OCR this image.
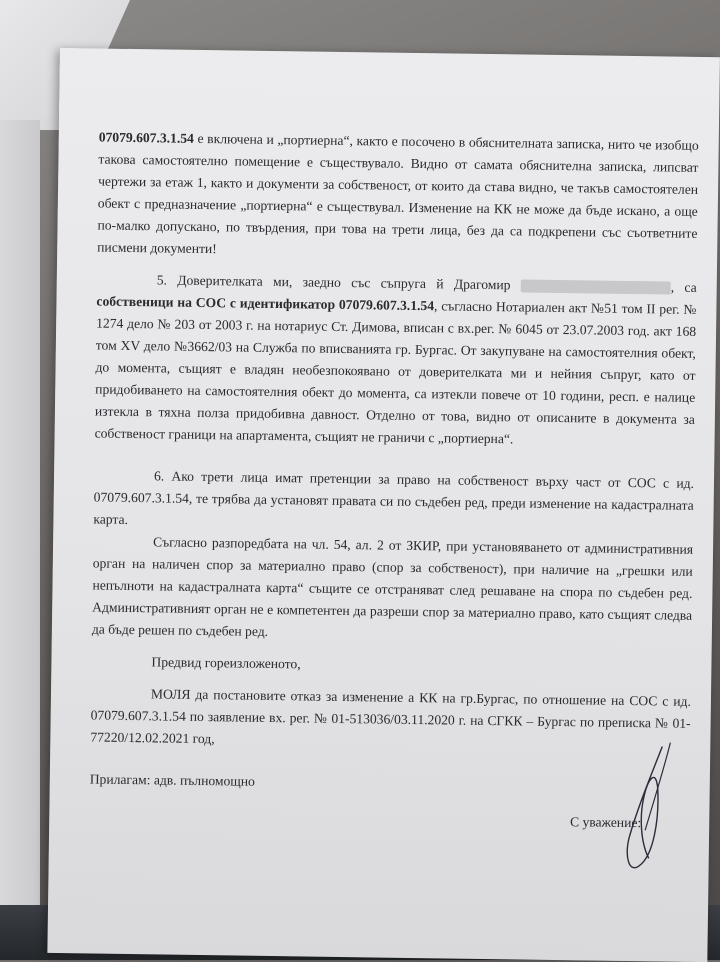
07079.607.3.1.54 е включена и „портиерна“, както е посочено в обяснителната записка, нито че изобщо такова самостоятелно помещение е съществувало. Видно от самата обяснителна записка, липсват чертежи за етаж 1, както и документи за собственост, от които да става видно, че такъв самостоятелен обект с предназначение „портиерна“ е съществувал. Изменение на КК не може да бъде искано, а още по-малко допускано, по твърдения, при това на трети лица, без да са подкрепени със съответните писмени документи!

5. Доверителката ми, заедно със съпруга й Драгомир	, са собственици на СОС с идентификатор 07079.607.3.1.54, съгласно Нотариален акт №51 том II рег. № 1274 дело № 203 от 2003 г. на нотариус Ст. Димова, вписан с вх.рег. № 6045 от 23.07.2003 год. акт 168 том XV дело №3662/03 на Служба по вписванията гр. Бургас. От закупуване на самостоятелния обект, до момента, същият е владян необезпокоявано от доверителката ми и нейния съпруг, като от придобиването на самостоятелния обект до момента, са изтекли повече от 10 години, респ. е налице изтекла в тяхна полза придобивна давност. Отделно от това, видно от описаните в документа за собственост граници на апартамента, същият не граничи с „портиерна“.

6. Ако трети лица имат претенции за право на собственост върху част от СОС с ид. 07079.607.3.1.54, те трябва да установят правата си по съдебен ред, преди изменение на кадастралната карта.

Съгласно разпоредбата на чл. 54, ал. 2 от ЗКИР, при установяването от административния орган на наличен спор за материално право (спор за собственост), при наличие на „грешки или непълноти на кадастралната карта“ същите се отстраняват след решаване на спора по съдебен ред. Административният орган не е компетентен да разреши спор за материално право, като същият следва да бъде решен по съдебен ред.

Предвид гореизложеното,

МОЛЯ да постановите отказ за изменение а КК на гр.Бургас, по отношение на СОС с ид. 07079.607.3.1.54 по заявление вх. рег. № 01-513036/03.11.2020 г. на СГКК – Бургас по преписка № 01-77220/12.02.2021 год,

Прилагам: адв. пълномощно

С уважение:
